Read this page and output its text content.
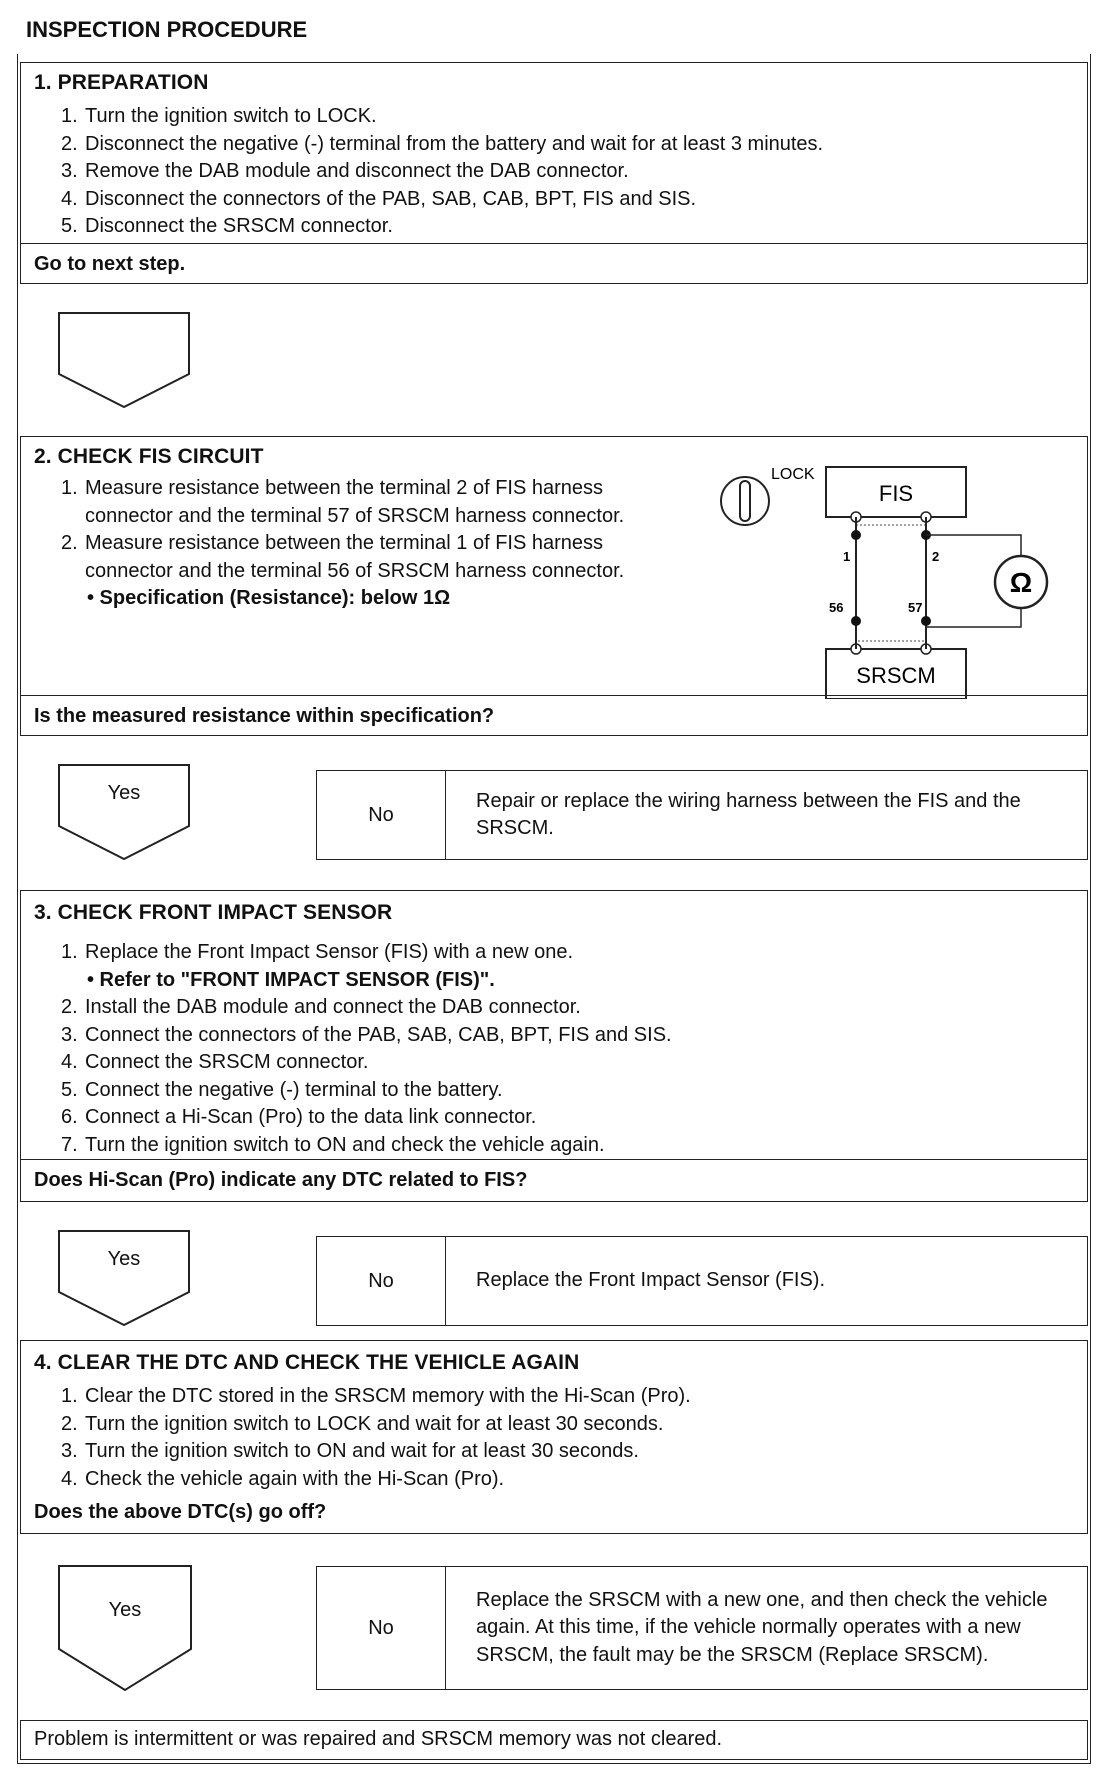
INSPECTION PROCEDURE
1. PREPARATION
1. Turn the ignition switch to LOCK.
2. Disconnect the negative (-) terminal from the battery and wait for at least 3 minutes.
3. Remove the DAB module and disconnect the DAB connector.
4. Disconnect the connectors of the PAB, SAB, CAB, BPT, FIS and SIS.
5. Disconnect the SRSCM connector.
Go to next step.
2. CHECK FIS CIRCUIT
1. Measure resistance between the terminal 2 of FIS harness
connector and the terminal 57 of SRSCM harness connector.
2. Measure resistance between the terminal 1 of FIS harness
connector and the terminal 56 of SRSCM harness connector.
• Specification (Resistance): below 1Ω
LOCK
FIS
SRSCM
1	2
56	57
Ω
Is the measured resistance within specification?
Yes
No
Repair or replace the wiring harness between the FIS and the SRSCM.
3. CHECK FRONT IMPACT SENSOR
1. Replace the Front Impact Sensor (FIS) with a new one.
• Refer to "FRONT IMPACT SENSOR (FIS)".
2. Install the DAB module and connect the DAB connector.
3. Connect the connectors of the PAB, SAB, CAB, BPT, FIS and SIS.
4. Connect the SRSCM connector.
5. Connect the negative (-) terminal to the battery.
6. Connect a Hi-Scan (Pro) to the data link connector.
7. Turn the ignition switch to ON and check the vehicle again.
Does Hi-Scan (Pro) indicate any DTC related to FIS?
Yes
No	Replace the Front Impact Sensor (FIS).
4. CLEAR THE DTC AND CHECK THE VEHICLE AGAIN
1. Clear the DTC stored in the SRSCM memory with the Hi-Scan (Pro).
2. Turn the ignition switch to LOCK and wait for at least 30 seconds.
3. Turn the ignition switch to ON and wait for at least 30 seconds.
4. Check the vehicle again with the Hi-Scan (Pro).
Does the above DTC(s) go off?
Yes
No
Replace the SRSCM with a new one, and then check the vehicle again. At this time, if the vehicle normally operates with a new SRSCM, the fault may be the SRSCM (Replace SRSCM).
Problem is intermittent or was repaired and SRSCM memory was not cleared.
